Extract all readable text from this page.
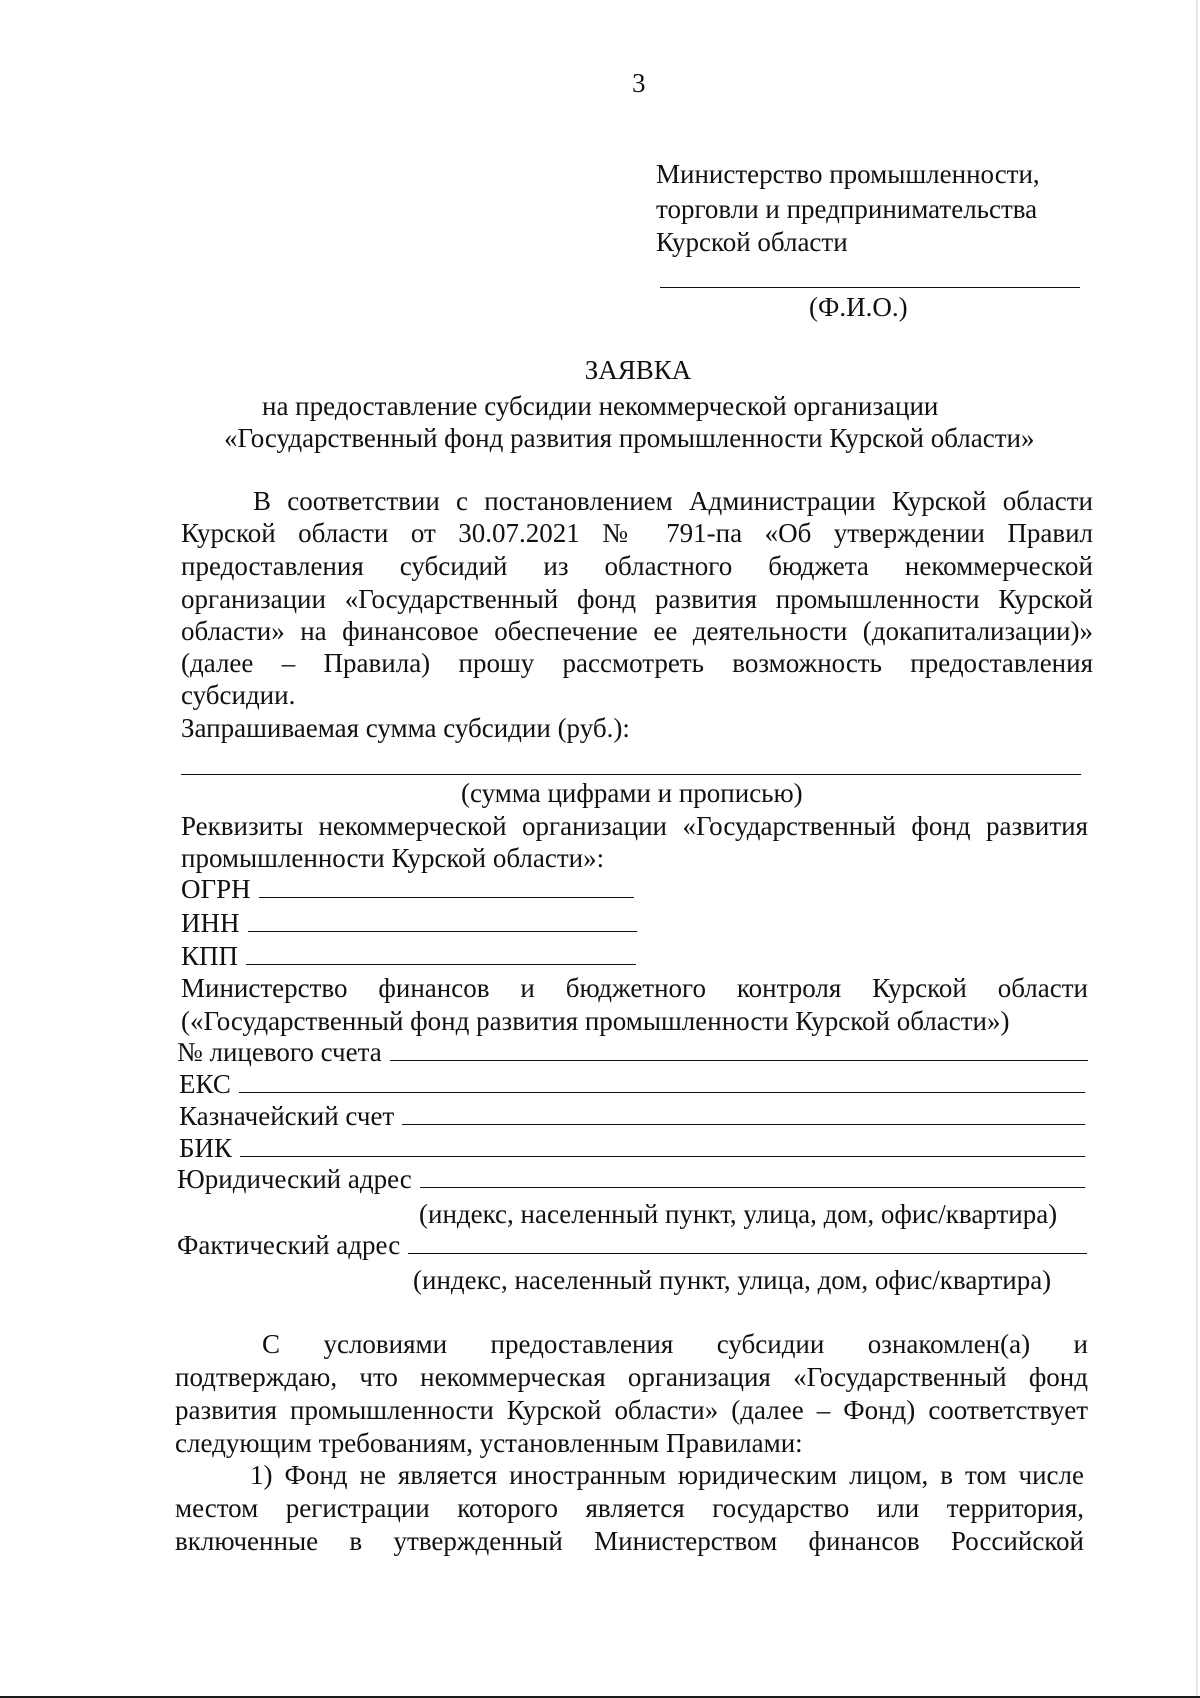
3
Министерство промышленности,
торговли и предпринимательства
Курской области
(Ф.И.О.)
ЗАЯВКА
на предоставление субсидии некоммерческой организации
«Государственный фонд развития промышленности Курской области»
В соответствии с постановлением Администрации Курской области
Курской области от 30.07.2021 № 791-па «Об утверждении Правил
предоставления субсидий из областного бюджета некоммерческой
организации «Государственный фонд развития промышленности Курской
области» на финансовое обеспечение ее деятельности (докапитализации)»
(далее – Правила) прошу рассмотреть возможность предоставления
субсидии.
Запрашиваемая сумма субсидии (руб.):
(сумма цифрами и прописью)
Реквизиты некоммерческой организации «Государственный фонд развития
промышленности Курской области»:
ОГРН
ИНН
КПП
Министерство финансов и бюджетного контроля Курской области
(«Государственный фонд развития промышленности Курской области»)
№ лицевого счета
ЕКС
Казначейский счет
БИК
Юридический адрес
(индекс, населенный пункт, улица, дом, офис/квартира)
Фактический адрес
(индекс, населенный пункт, улица, дом, офис/квартира)
С условиями предоставления субсидии ознакомлен(а) и
подтверждаю, что некоммерческая организация «Государственный фонд
развития промышленности Курской области» (далее – Фонд) соответствует
следующим требованиям, установленным Правилами:
1) Фонд не является иностранным юридическим лицом, в том числе
местом регистрации которого является государство или территория,
включенные в утвержденный Министерством финансов Российской
